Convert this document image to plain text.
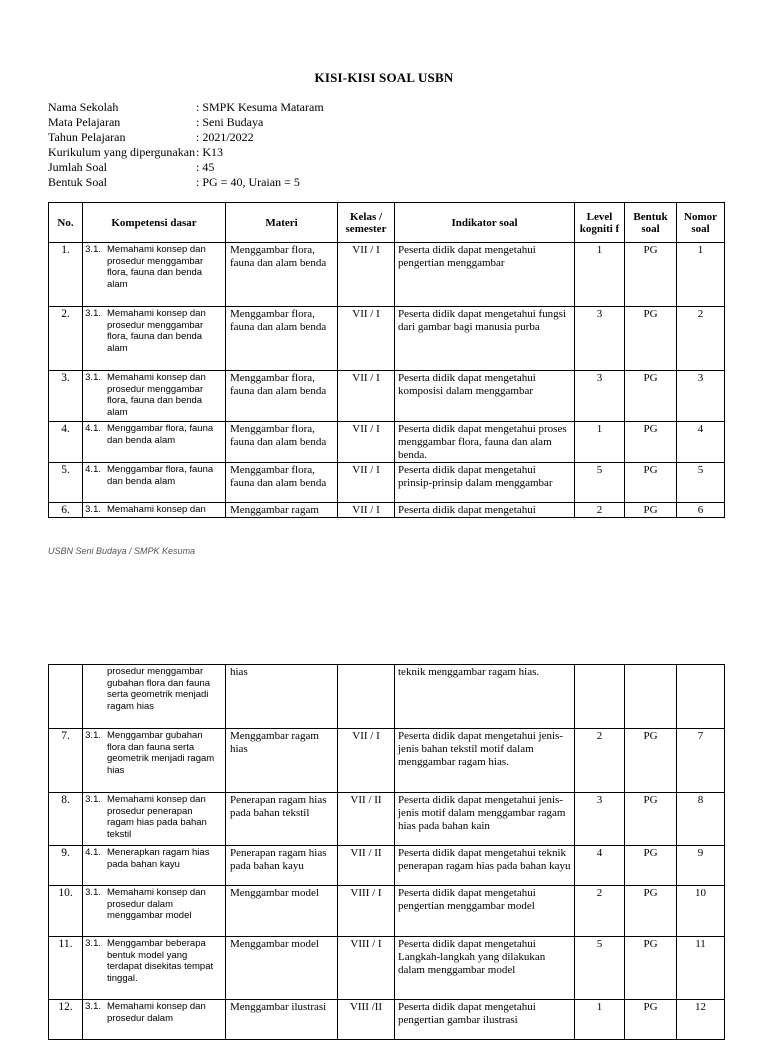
KISI-KISI SOAL USBN
Nama Sekolah	: SMPK Kesuma Mataram
Mata Pelajaran	: Seni Budaya
Tahun Pelajaran	: 2021/2022
Kurikulum yang dipergunakan : K13
Jumlah Soal	: 45
Bentuk Soal	: PG = 40, Uraian = 5
No.	Kompetensi dasar	Materi	Kelas / semester	Indikator soal	Level kogniti f	Bentuk soal	Nomor soal
1.	3.1. Memahami konsep dan prosedur menggambar flora, fauna dan benda alam	Menggambar flora, fauna dan alam benda	VII / I	Peserta didik dapat mengetahui pengertian menggambar	1	PG	1
2.	3.1. Memahami konsep dan prosedur menggambar flora, fauna dan benda alam	Menggambar flora, fauna dan alam benda	VII / I	Peserta didik dapat mengetahui fungsi dari gambar bagi manusia purba	3	PG	2
3.	3.1. Memahami konsep dan prosedur menggambar flora, fauna dan benda alam	Menggambar flora, fauna dan alam benda	VII / I	Peserta didik dapat mengetahui komposisi dalam menggambar	3	PG	3
4.	4.1. Menggambar flora, fauna dan benda alam	Menggambar flora, fauna dan alam benda	VII / I	Peserta didik dapat mengetahui proses menggambar flora, fauna dan alam benda.	1	PG	4
5.	4.1. Menggambar flora, fauna dan benda alam	Menggambar flora, fauna dan alam benda	VII / I	Peserta didik dapat mengetahui prinsip-prinsip dalam menggambar	5	PG	5
6.	3.1. Memahami konsep dan	Menggambar ragam	VII / I	Peserta didik dapat mengetahui	2	PG	6
USBN Seni Budaya / SMPK Kesuma

	prosedur menggambar gubahan flora dan fauna serta geometrik menjadi ragam hias	hias		teknik menggambar ragam hias.			
7.	3.1. Menggambar gubahan flora dan fauna serta geometrik menjadi ragam hias	Menggambar ragam hias	VII / I	Peserta didik dapat mengetahui jenis-jenis bahan tekstil motif dalam menggambar ragam hias.	2	PG	7
8.	3.1. Memahami konsep dan prosedur penerapan ragam hias pada bahan tekstil	Penerapan ragam hias pada bahan tekstil	VII / II	Peserta didik dapat mengetahui jenis-jenis motif dalam menggambar ragam hias pada bahan kain	3	PG	8
9.	4.1. Menerapkan ragam hias pada bahan kayu	Penerapan ragam hias pada bahan kayu	VII / II	Peserta didik dapat mengetahui teknik penerapan ragam hias pada bahan kayu	4	PG	9
10.	3.1. Memahami konsep dan prosedur dalam menggambar model	Menggambar model	VIII / I	Peserta didik dapat mengetahui pengertian menggambar model	2	PG	10
11.	3.1. Menggambar beberapa bentuk model yang terdapat disekitas tempat tinggal.	Menggambar model	VIII / I	Peserta didik dapat mengetahui Langkah-langkah yang dilakukan dalam menggambar model	5	PG	11
12.	3.1. Memahami konsep dan prosedur dalam	Menggambar ilustrasi	VIII /II	Peserta didik dapat mengetahui pengertian gambar ilustrasi	1	PG	12
